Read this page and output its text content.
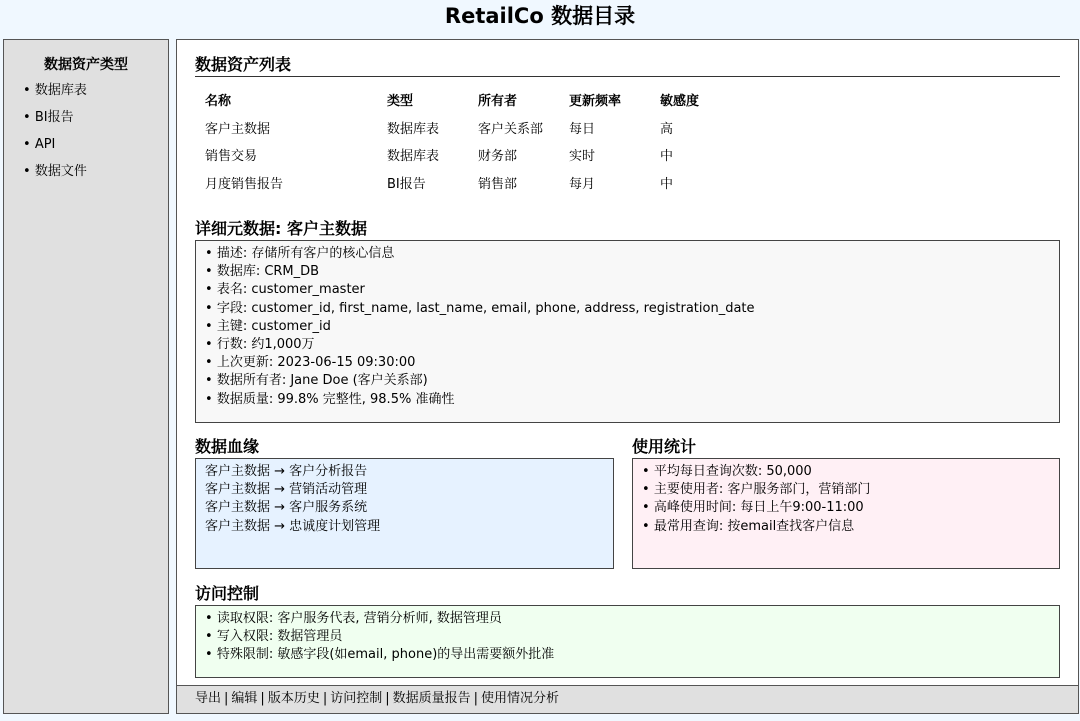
RetailCo 数据目录
数据资产类型
• 数据库表
• BI报告
• API
• 数据文件
数据资产列表
名称	类型	所有者	更新频率	敏感度
客户主数据	数据库表	客户关系部	每日	高
销售交易	数据库表	财务部	实时	中
月度销售报告	BI报告	销售部	每月	中
详细元数据: 客户主数据
• 描述: 存储所有客户的核心信息
• 数据库: CRM_DB
• 表名: customer_master
• 字段: customer_id, first_name, last_name, email, phone, address, registration_date
• 主键: customer_id
• 行数: 约1,000万
• 上次更新: 2023-06-15 09:30:00
• 数据所有者: Jane Doe (客户关系部)
• 数据质量: 99.8% 完整性, 98.5% 准确性
数据血缘
客户主数据 → 客户分析报告
客户主数据 → 营销活动管理
客户主数据 → 客户服务系统
客户主数据 → 忠诚度计划管理
使用统计
• 平均每日查询次数: 50,000
• 主要使用者: 客户服务部门，营销部门
• 高峰使用时间: 每日上午9:00-11:00
• 最常用查询: 按email查找客户信息
访问控制
• 读取权限: 客户服务代表, 营销分析师, 数据管理员
• 写入权限: 数据管理员
• 特殊限制: 敏感字段(如email, phone)的导出需要额外批准
导出 | 编辑 | 版本历史 | 访问控制 | 数据质量报告 | 使用情况分析
